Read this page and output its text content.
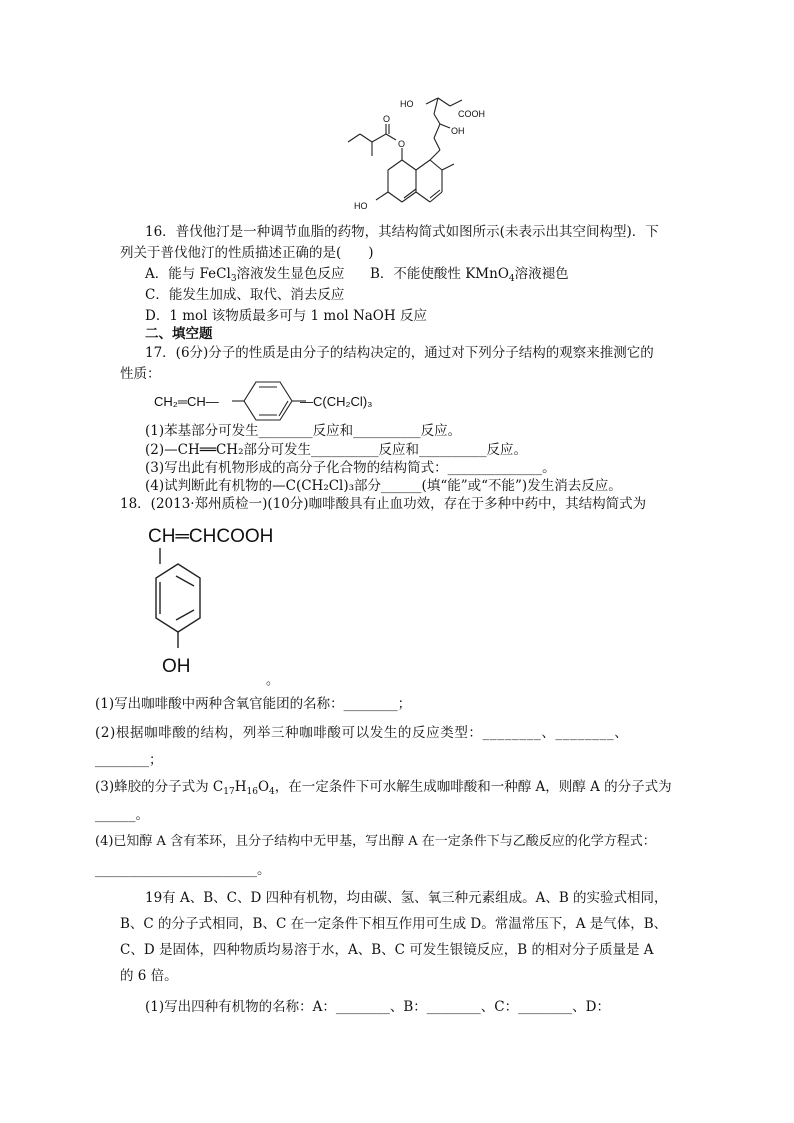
HO
COOH
OH
O
O
HO
16．普伐他汀是一种调节血脂的药物，其结构简式如图所示(未表示出其空间构型)．下
列关于普伐他汀的性质描述正确的是(　　)
A．能与 FeCl$_3$溶液发生显色反应 B．不能使酸性 KMnO$_4$溶液褪色
C．能发生加成、取代、消去反应
D．1 mol 该物质最多可与 1 mol NaOH 反应
二、填空题
17．(6分)分子的性质是由分子的结构决定的，通过对下列分子结构的观察来推测它的
性质：
CH₂═CH—	—C(CH₂Cl)₃
(1)苯基部分可发生________反应和__________反应。
(2)—CH══CH₂部分可发生__________反应和__________反应。
(3)写出此有机物形成的高分子化合物的结构简式：______________。
(4)试判断此有机物的—C(CH₂Cl)₃部分______(填“能”或“不能”)发生消去反应。
18．(2013·郑州质检一)(10分)咖啡酸具有止血功效，存在于多种中药中，其结构简式为
CH═CHCOOH
OH
。
(1)写出咖啡酸中两种含氧官能团的名称：________；
(2)根据咖啡酸的结构，列举三种咖啡酸可以发生的反应类型：________、________、
________；
(3)蜂胶的分子式为 $C_{17}H_{16}O_4$，在一定条件下可水解生成咖啡酸和一种醇 A，则醇 A 的分子式为
______。
(4)已知醇 A 含有苯环，且分子结构中无甲基，写出醇 A 在一定条件下与乙酸反应的化学方程式：
________________________。
19有 A、B、C、D 四种有机物，均由碳、氢、氧三种元素组成。A、B 的实验式相同，
B、C 的分子式相同，B、C 在一定条件下相互作用可生成 D。常温常压下，A 是气体，B、
C、D 是固体，四种物质均易溶于水，A、B、C 可发生银镜反应，B 的相对分子质量是 A
的 6 倍。
(1)写出四种有机物的名称：A：________、B：________、C：________、D：
